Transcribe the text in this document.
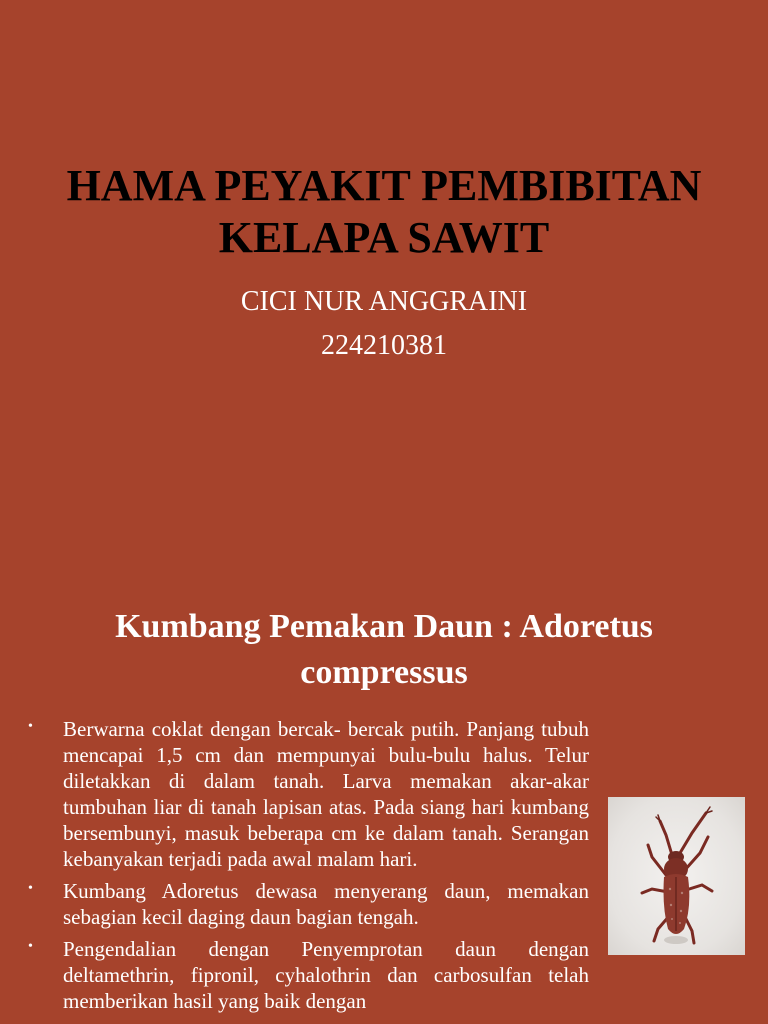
HAMA PEYAKIT PEMBIBITAN
KELAPA SAWIT

CICI NUR ANGGRAINI

224210381

Kumbang Pemakan Daun : Adoretus
compressus
• Berwarna coklat dengan bercak- bercak putih. Panjang tubuh mencapai 1,5 cm dan mempunyai bulu-bulu halus. Telur diletakkan di dalam tanah. Larva memakan akar-akar tumbuhan liar di tanah lapisan atas. Pada siang hari kumbang bersembunyi, masuk beberapa cm ke dalam tanah. Serangan kebanyakan terjadi pada awal malam hari.
• Kumbang Adoretus dewasa menyerang daun, memakan sebagian kecil daging daun bagian tengah.
• Pengendalian dengan Penyemprotan daun dengan deltamethrin, fipronil, cyhalothrin dan carbosulfan telah memberikan hasil yang baik dengan
